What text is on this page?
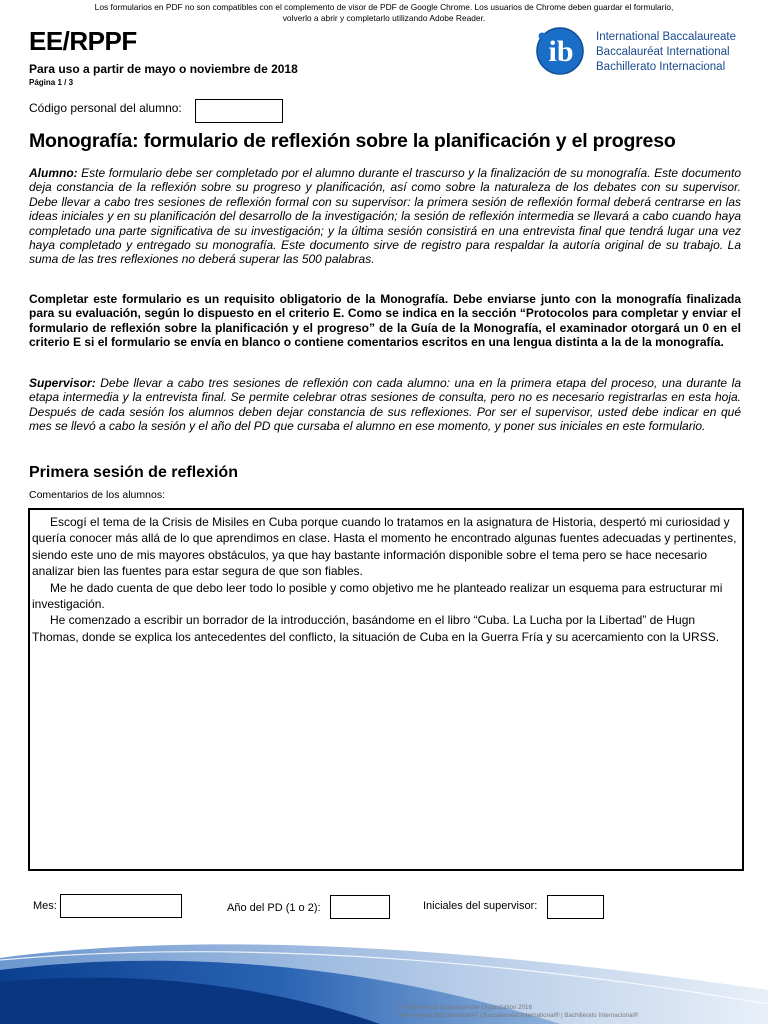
Los formularios en PDF no son compatibles con el complemento de visor de PDF de Google Chrome. Los usuarios de Chrome deben guardar el formulario,
volverlo a abrir y completarlo utilizando Adobe Reader.
EE/RPPF
Para uso a partir de mayo o noviembre de 2018
Página 1 / 3
ib International Baccalaureate
Baccalauréat International
Bachillerato Internacional
Código personal del alumno:
Monografía: formulario de reflexión sobre la planificación y el progreso
Alumno: Este formulario debe ser completado por el alumno durante el trascurso y la finalización de su monografía. Este documento deja constancia de la reflexión sobre su progreso y planificación, así como sobre la naturaleza de los debates con su supervisor. Debe llevar a cabo tres sesiones de reflexión formal con su supervisor: la primera sesión de reflexión formal deberá centrarse en las ideas iniciales y en su planificación del desarrollo de la investigación; la sesión de reflexión intermedia se llevará a cabo cuando haya completado una parte significativa de su investigación; y la última sesión consistirá en una entrevista final que tendrá lugar una vez haya completado y entregado su monografía. Este documento sirve de registro para respaldar la autoría original de su trabajo. La suma de las tres reflexiones no deberá superar las 500 palabras.
Completar este formulario es un requisito obligatorio de la Monografía. Debe enviarse junto con la monografía finalizada para su evaluación, según lo dispuesto en el criterio E. Como se indica en la sección “Protocolos para completar y enviar el formulario de reflexión sobre la planificación y el progreso” de la Guía de la Monografía, el examinador otorgará un 0 en el criterio E si el formulario se envía en blanco o contiene comentarios escritos en una lengua distinta a la de la monografía.
Supervisor: Debe llevar a cabo tres sesiones de reflexión con cada alumno: una en la primera etapa del proceso, una durante la etapa intermedia y la entrevista final. Se permite celebrar otras sesiones de consulta, pero no es necesario registrarlas en esta hoja. Después de cada sesión los alumnos deben dejar constancia de sus reflexiones. Por ser el supervisor, usted debe indicar en qué mes se llevó a cabo la sesión y el año del PD que cursaba el alumno en ese momento, y poner sus iniciales en este formulario.
Primera sesión de reflexión
Comentarios de los alumnos:

Escogí el tema de la Crisis de Misiles en Cuba porque cuando lo tratamos en la asignatura de Historia, despertó mi curiosidad y quería conocer más allá de lo que aprendimos en clase. Hasta el momento he encontrado algunas fuentes adecuadas y pertinentes, siendo este uno de mis mayores obstáculos, ya que hay bastante información disponible sobre el tema pero se hace necesario analizar bien las fuentes para estar segura de que son fiables.

Me he dado cuenta de que debo leer todo lo posible y como objetivo me he planteado realizar un esquema para estructurar mi investigación.

He comenzado a escribir un borrador de la introducción, basándome en el libro “Cuba. La Lucha por la Libertad” de Hugn Thomas, donde se explica los antecedentes del conflicto, la situación de Cuba en la Guerra Fría y su acercamiento con la URSS.

Mes:	Año del PD (1 o 2):	Iniciales del supervisor:
© International Baccalaureate Organization 2016
International Baccalaureate® | Baccalauréat International® | Bachillerato Internacional®
